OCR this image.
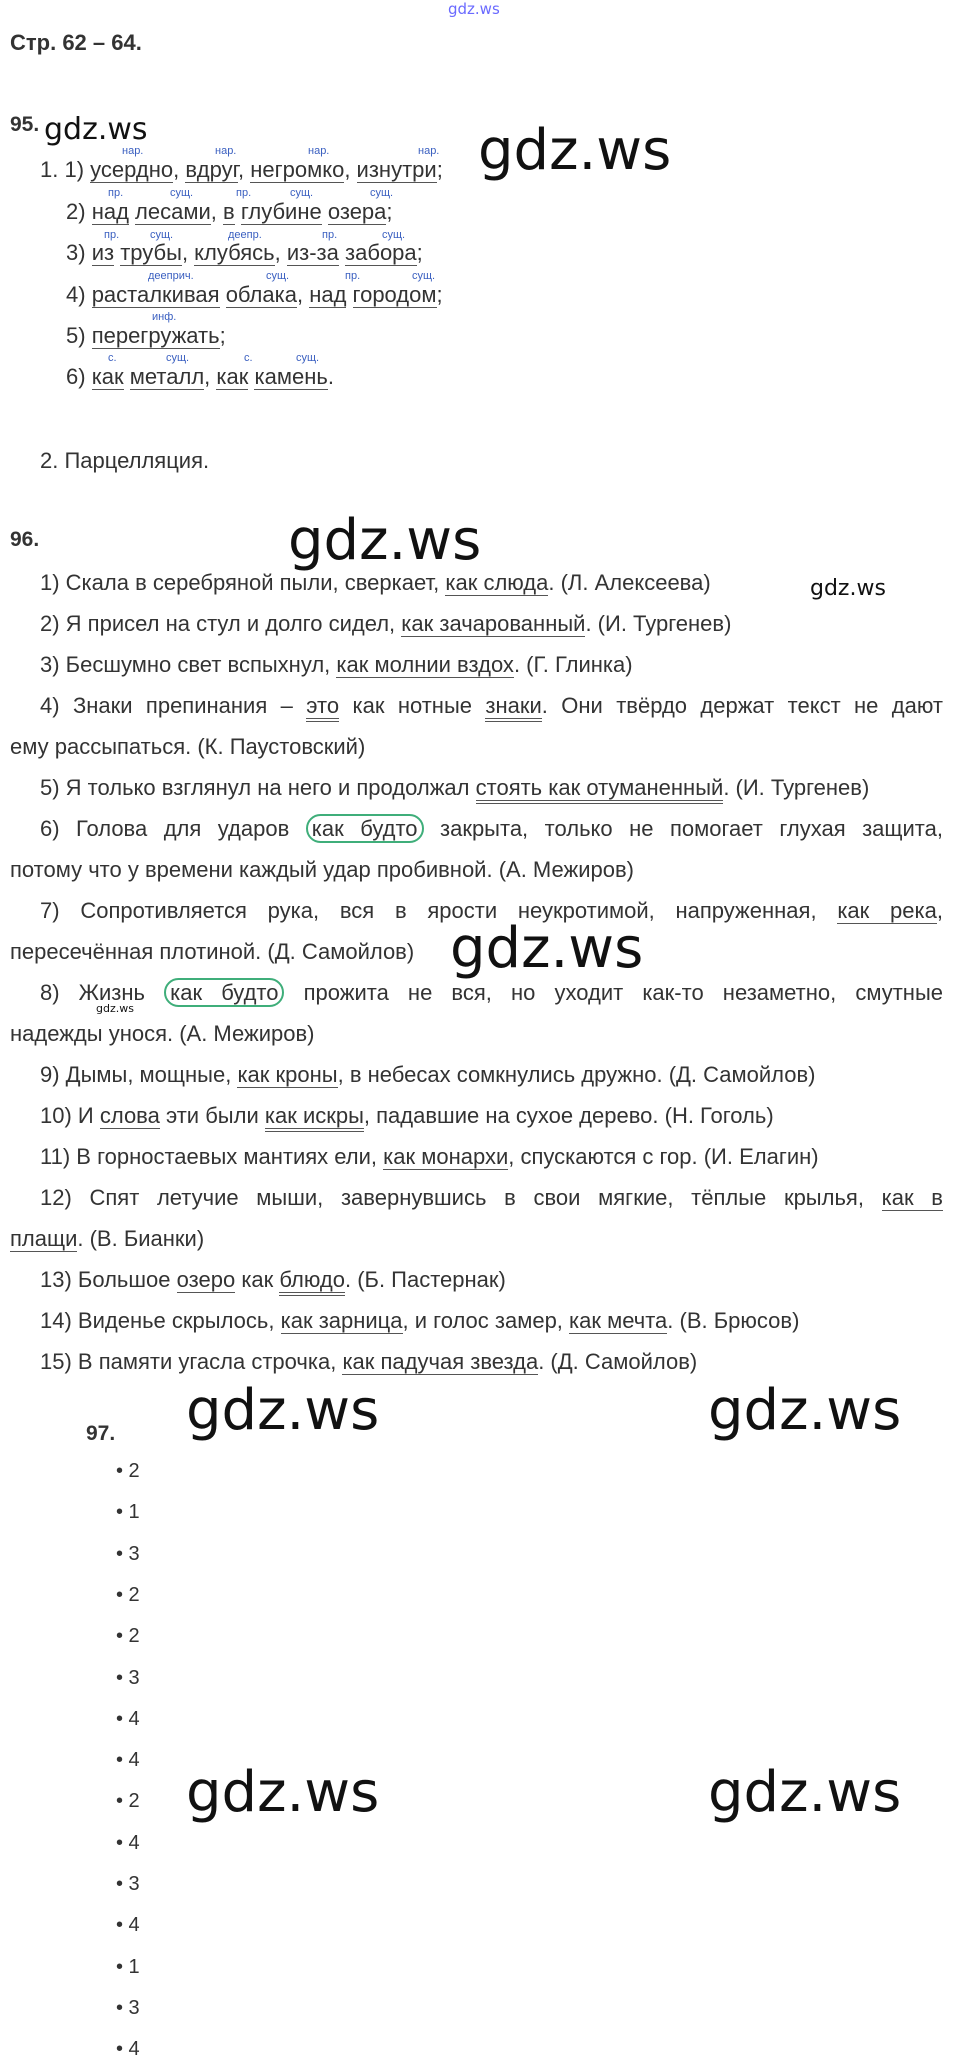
gdz.ws
Стр. 62 – 64.
95. gdz.ws	gdz.ws
нар.	нар.	нар.	нар.
1. 1) усердно, вдруг, негромко, изнутри;
пр.	сущ.	пр.	сущ.	сущ.
2) над лесами, в глубине озера;
пр.	сущ.	деепр.	пр.	сущ.
3) из трубы, клубясь, из-за забора;
дееприч.	сущ.	пр.	сущ.
4) расталкивая облака, над городом;
инф.
5) перегружать;
с.	сущ.	с.	сущ.
6) как металл, как камень.
2. Парцелляция.
96.	gdz.ws
gdz.ws
1) Скала в серебряной пыли, сверкает, как слюда. (Л. Алексеева)
2) Я присел на стул и долго сидел, как зачарованный. (И. Тургенев)
3) Бесшумно свет вспыхнул, как молнии вздох. (Г. Глинка)
4) Знаки препинания – это как нотные знаки. Они твёрдо держат текст не дают
ему рассыпаться. (К. Паустовский)
5) Я только взглянул на него и продолжал стоять как отуманенный. (И. Тургенев)
6) Голова для ударов как будто закрыта, только не помогает глухая защита,
потому что у времени каждый удар пробивной. (А. Межиров)
7) Сопротивляется рука, вся в ярости неукротимой, напруженная, как река,
пересечённая плотиной. (Д. Самойлов) gdz.ws
8) Жизнь как будто прожита не вся, но уходит как-то незаметно, смутные
gdz.ws
надежды унося. (А. Межиров)
9) Дымы, мощные, как кроны, в небесах сомкнулись дружно. (Д. Самойлов)
10) И слова эти были как искры, падавшие на сухое дерево. (Н. Гоголь)
11) В горностаевых мантиях ели, как монархи, спускаются с гор. (И. Елагин)
12) Спят летучие мыши, завернувшись в свои мягкие, тёплые крылья, как в
плащи. (В. Бианки)
13) Большое озеро как блюдо. (Б. Пастернак)
14) Виденье скрылось, как зарница, и голос замер, как мечта. (В. Брюсов)
15) В памяти угасла строчка, как падучая звезда. (Д. Самойлов)
gdz.ws	gdz.ws
97.
• 2
• 1
• 3
• 2
• 2
• 3
• 4
• 4
• 2
• 4
• 3
• 4
• 1
• 3
• 4
gdz.ws	gdz.ws
